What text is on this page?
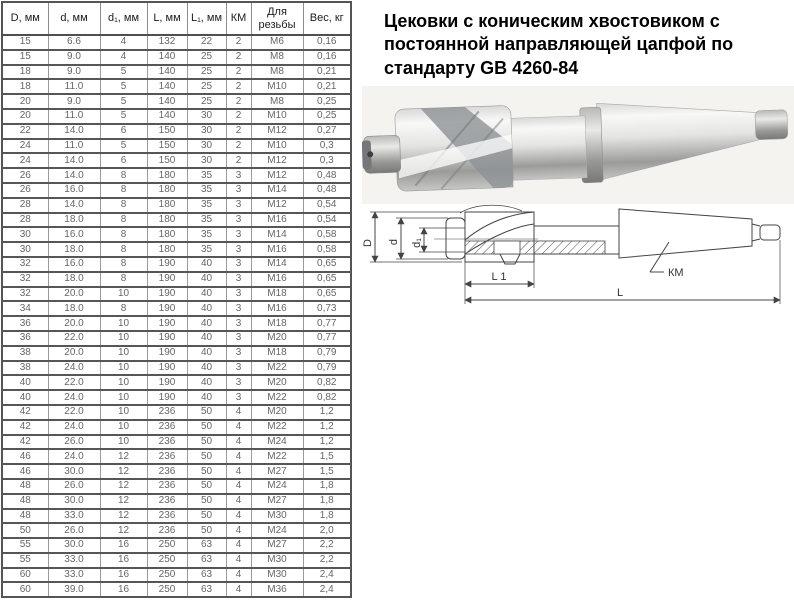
D, мм	d, мм	d₁, мм	L, мм	L₁, мм	КМ	Для резьбы	Вес, кг
15	6.6	4	132	22	2	М6	0,16
15	9.0	4	140	25	2	М8	0,16
18	9.0	5	140	25	2	М8	0,21
18	11.0	5	140	25	2	М10	0,21
20	9.0	5	140	25	2	М8	0,25
20	11.0	5	140	30	2	М10	0,25
22	14.0	6	150	30	2	М12	0,27
24	11.0	5	150	30	2	М10	0,3
24	14.0	6	150	30	2	М12	0,3
26	14.0	8	180	35	3	М12	0,48
26	16.0	8	180	35	3	М14	0,48
28	14.0	8	180	35	3	М12	0,54
28	18.0	8	180	35	3	М16	0,54
30	16.0	8	180	35	3	М14	0,58
30	18.0	8	180	35	3	М16	0,58
32	16.0	8	190	40	3	М14	0,65
32	18.0	8	190	40	3	М16	0,65
32	20.0	10	190	40	3	М18	0,65
34	18.0	8	190	40	3	М16	0,73
36	20.0	10	190	40	3	М18	0,77
36	22.0	10	190	40	3	М20	0,77
38	20.0	10	190	40	3	М18	0,79
38	24.0	10	190	40	3	М22	0,79
40	22.0	10	190	40	3	М20	0,82
40	24.0	10	190	40	3	М22	0,82
42	22.0	10	236	50	4	М20	1,2
42	24.0	10	236	50	4	М22	1,2
42	26.0	10	236	50	4	М24	1,2
46	24.0	12	236	50	4	М22	1,5
46	30.0	12	236	50	4	М27	1,5
48	26.0	12	236	50	4	М24	1,8
48	30.0	12	236	50	4	М27	1,8
48	33.0	12	236	50	4	М30	1,8
50	26.0	12	236	50	4	М24	2,0
55	30.0	16	250	63	4	М27	2,2
55	33.0	16	250	63	4	М30	2,2
60	33.0	16	250	63	4	М30	2,4
60	39.0	16	250	63	4	М36	2,4
Цековки с коническим хвостовиком с
постоянной направляющей цапфой по
стандарту GB 4260-84
D d d₁
L 1	КМ
L
